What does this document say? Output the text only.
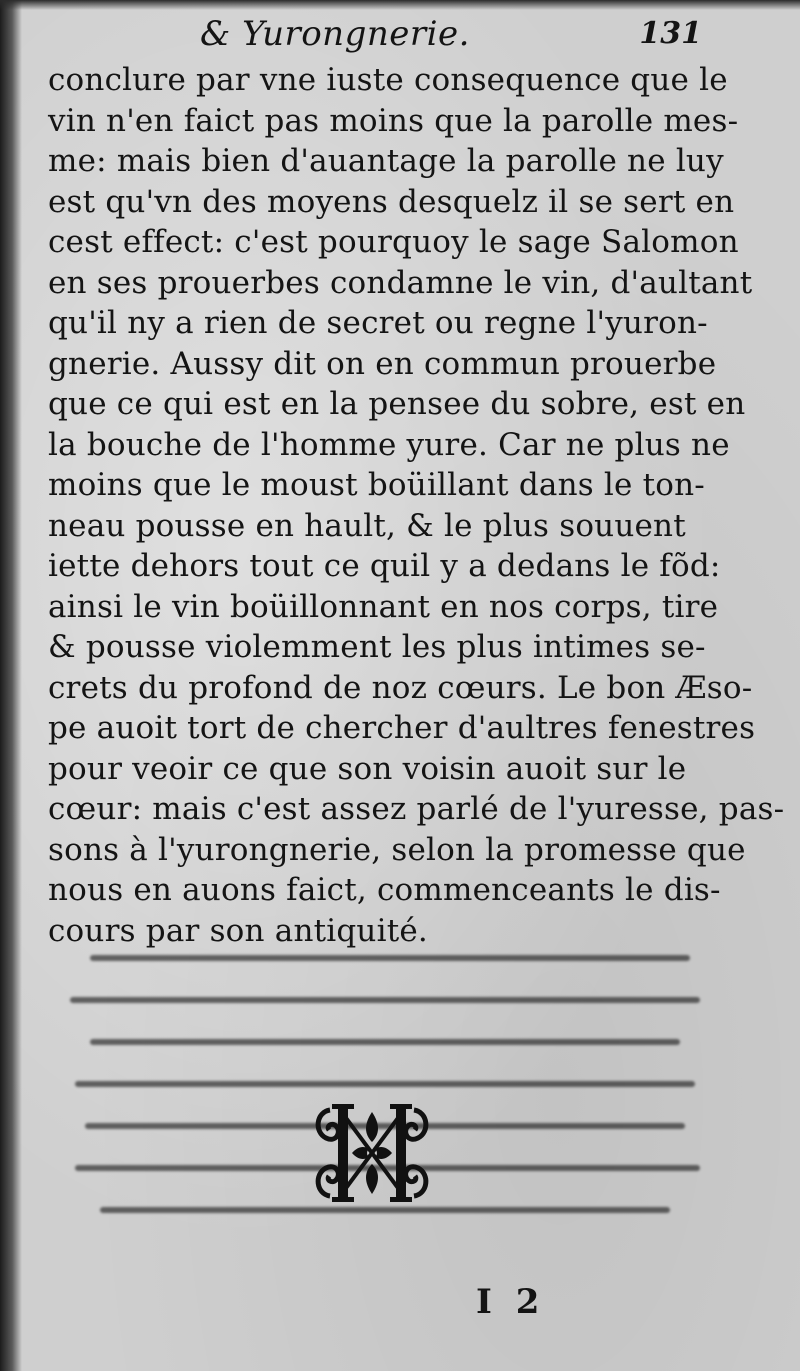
& Yurongnerie.	131
conclure par vne iuste consequence que le
vin n'en faict pas moins que la parolle mes-
me: mais bien d'auantage la parolle ne luy
est qu'vn des moyens desquelz il se sert en
cest effect: c'est pourquoy le sage Salomon
en ses prouerbes condamne le vin, d'aultant
qu'il ny a rien de secret ou regne l'yuron-
gnerie. Aussy dit on en commun prouerbe
que ce qui est en la pensee du sobre, est en
la bouche de l'homme yure. Car ne plus ne
moins que le moust boüillant dans le ton-
neau pousse en hault, & le plus souuent
iette dehors tout ce quil y a dedans le fõd:
ainsi le vin boüillonnant en nos corps, tire
& pousse violemment les plus intimes se-
crets du profond de noz cœurs. Le bon Æso-
pe auoit tort de chercher d'aultres fenestres
pour veoir ce que son voisin auoit sur le
cœur: mais c'est assez parlé de l'yuresse, pas-
sons à l'yurongnerie, selon la promesse que
nous en auons faict, commenceants le dis-
cours par son antiquité.
I 2
